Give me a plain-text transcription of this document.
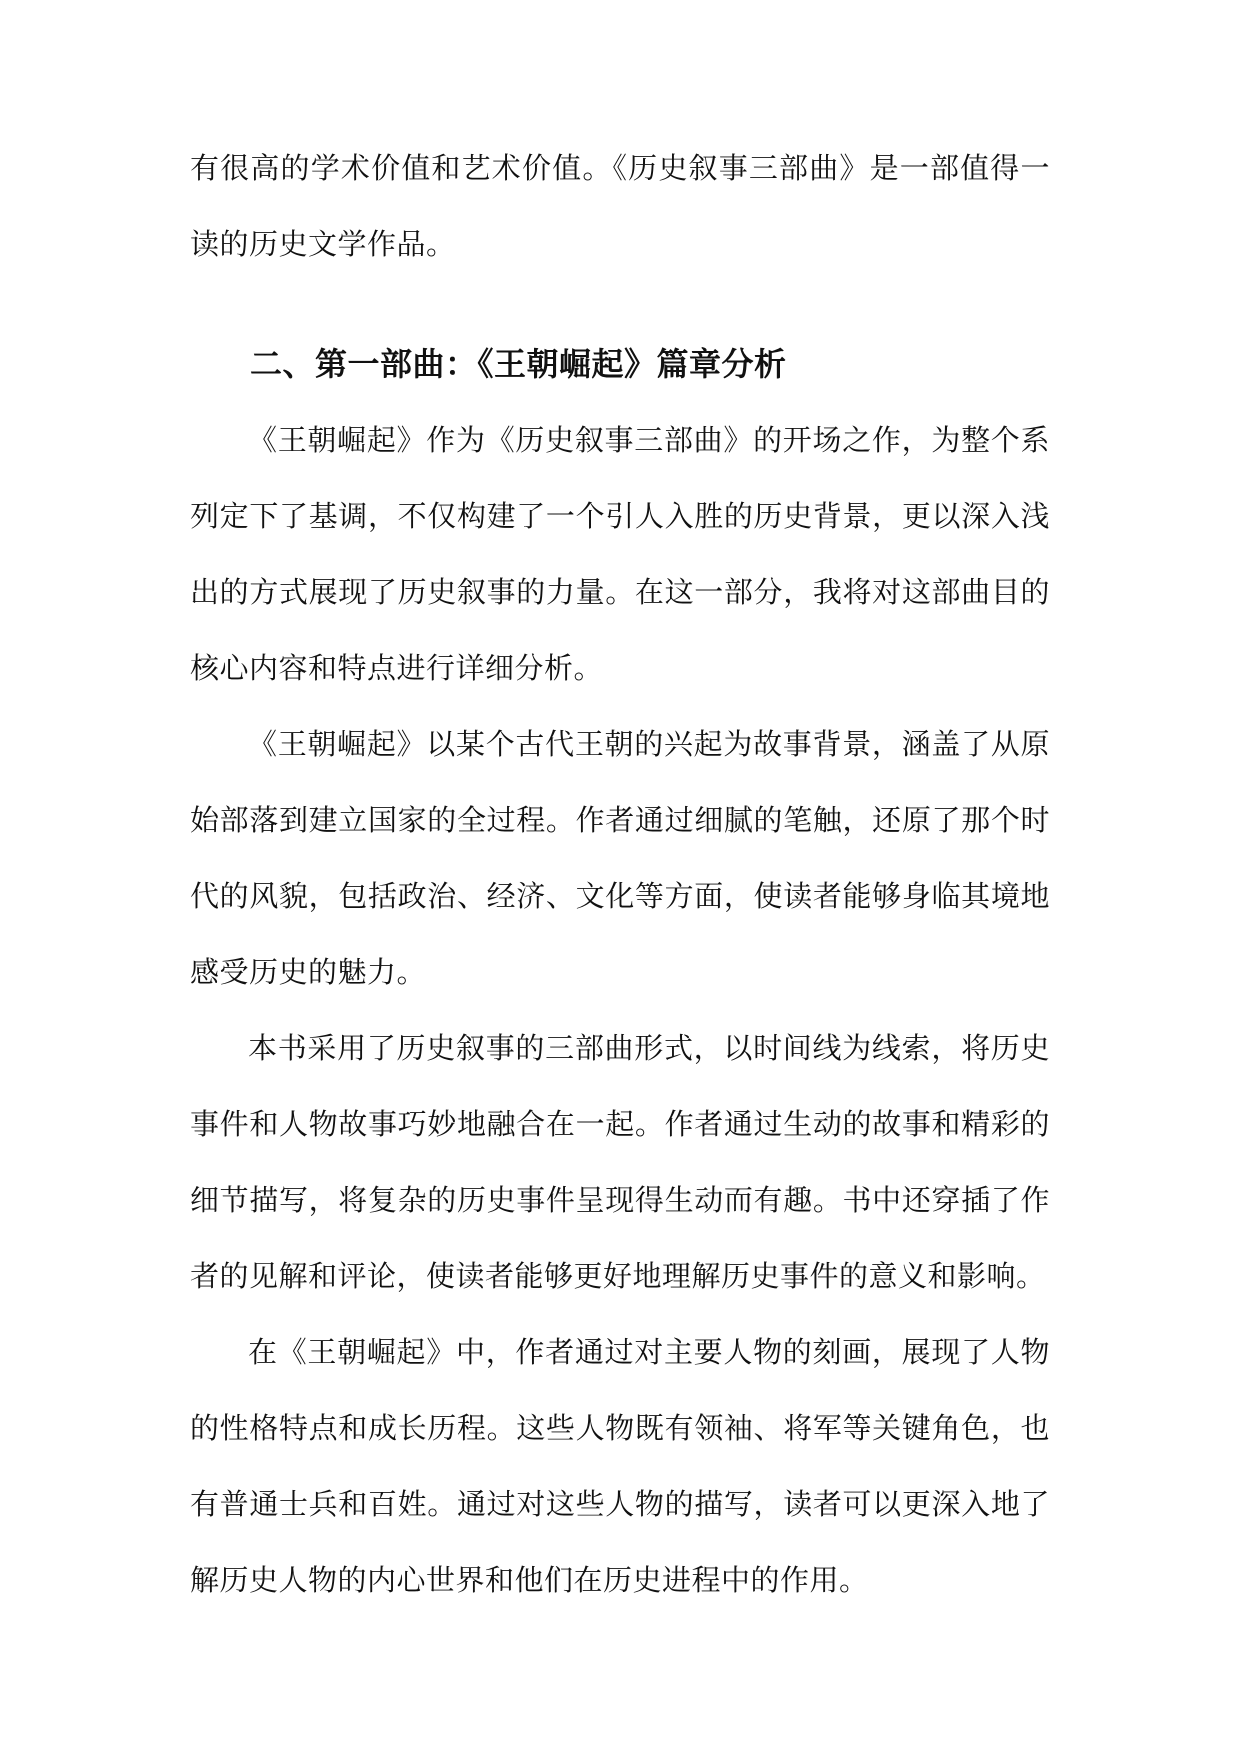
有很高的学术价值和艺术价值。《历史叙事三部曲》是一部值得一读的历史文学作品。

二、第一部曲：《王朝崛起》篇章分析

《王朝崛起》作为《历史叙事三部曲》的开场之作，为整个系列定下了基调，不仅构建了一个引人入胜的历史背景，更以深入浅出的方式展现了历史叙事的力量。在这一部分，我将对这部曲目的核心内容和特点进行详细分析。

《王朝崛起》以某个古代王朝的兴起为故事背景，涵盖了从原始部落到建立国家的全过程。作者通过细腻的笔触，还原了那个时代的风貌，包括政治、经济、文化等方面，使读者能够身临其境地感受历史的魅力。

本书采用了历史叙事的三部曲形式，以时间线为线索，将历史事件和人物故事巧妙地融合在一起。作者通过生动的故事和精彩的细节描写，将复杂的历史事件呈现得生动而有趣。书中还穿插了作者的见解和评论，使读者能够更好地理解历史事件的意义和影响。

在《王朝崛起》中，作者通过对主要人物的刻画，展现了人物的性格特点和成长历程。这些人物既有领袖、将军等关键角色，也有普通士兵和百姓。通过对这些人物的描写，读者可以更深入地了解历史人物的内心世界和他们在历史进程中的作用。
